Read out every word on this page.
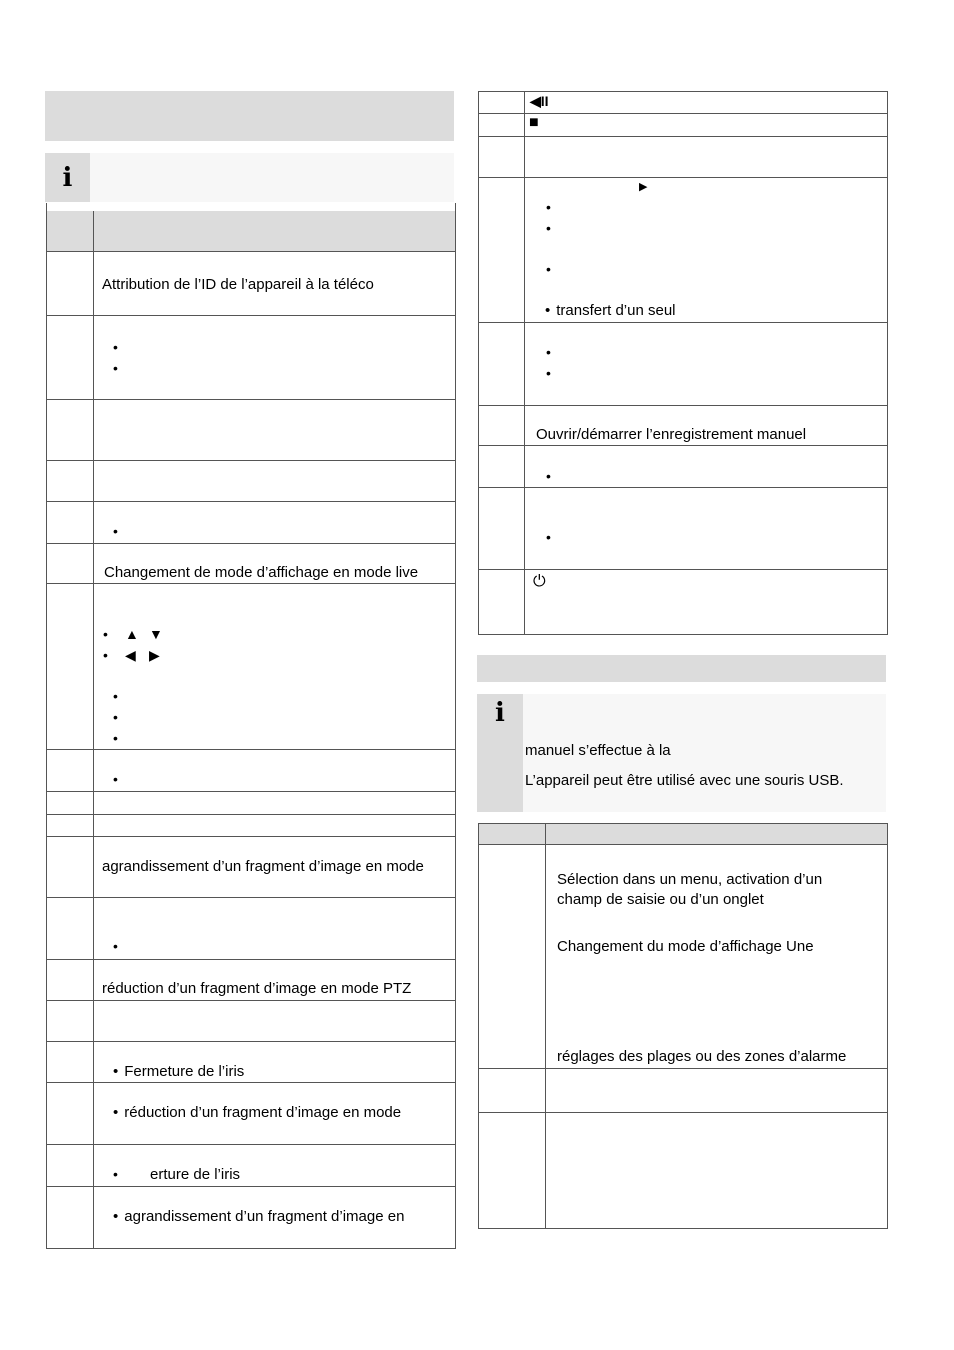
i
Attribution de l’ID de l’appareil à la téléco
•
•
•
Changement de mode d’affichage en mode live
• ▲ ▼
• ◀ ▶
•
•
•
•
agrandissement d’un fragment d’image en mode
•
réduction d’un fragment d’image en mode PTZ
• Fermeture de l’iris
• réduction d’un fragment d’image en mode
• erture de l’iris
• agrandissement d’un fragment d’image en
◀II
■
▶
•
•
•
• transfert d’un seul
•
•
Ouvrir/démarrer l’enregistrement manuel
•
•
⏻
i
manuel s’effectue à la
L’appareil peut être utilisé avec une souris USB.
Sélection dans un menu, activation d’un
champ de saisie ou d’un onglet
Changement du mode d’affichage Une
réglages des plages ou des zones d’alarme
